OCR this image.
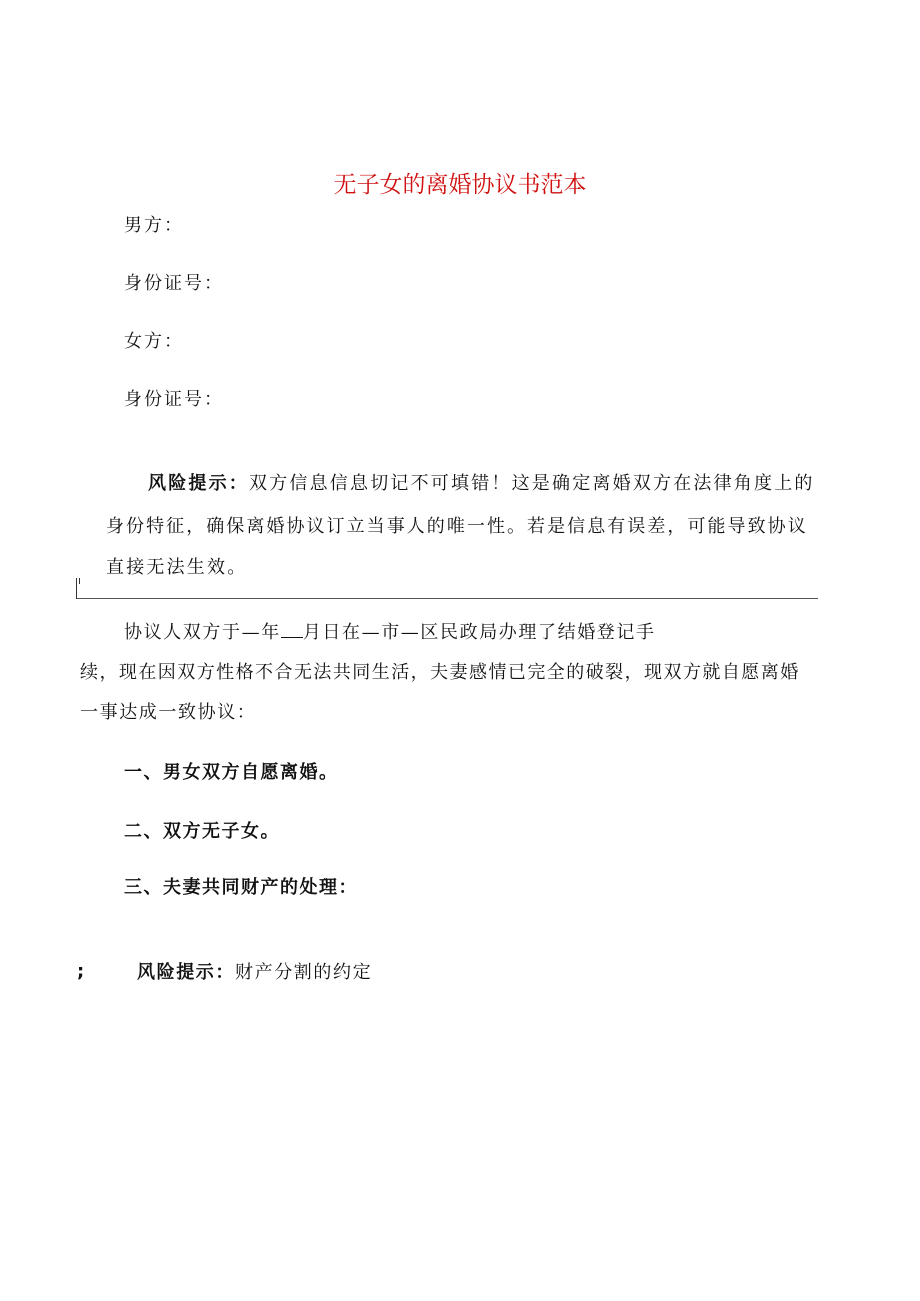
无子女的离婚协议书范本
男方：
身份证号：
女方：
身份证号：
风险提示：双方信息信息切记不可填错！这是确定离婚双方在法律角度上的
身份特征，确保离婚协议订立当事人的唯一性。若是信息有误差，可能导致协议
直接无法生效。
协议人双方于—年 月日在—市—区民政局办理了结婚登记手
续，现在因双方性格不合无法共同生活，夫妻感情已完全的破裂，现双方就自愿离婚
一事达成一致协议：
一、男女双方自愿离婚。
二、双方无子女。
三、夫妻共同财产的处理：
;	风险提示：财产分割的约定
